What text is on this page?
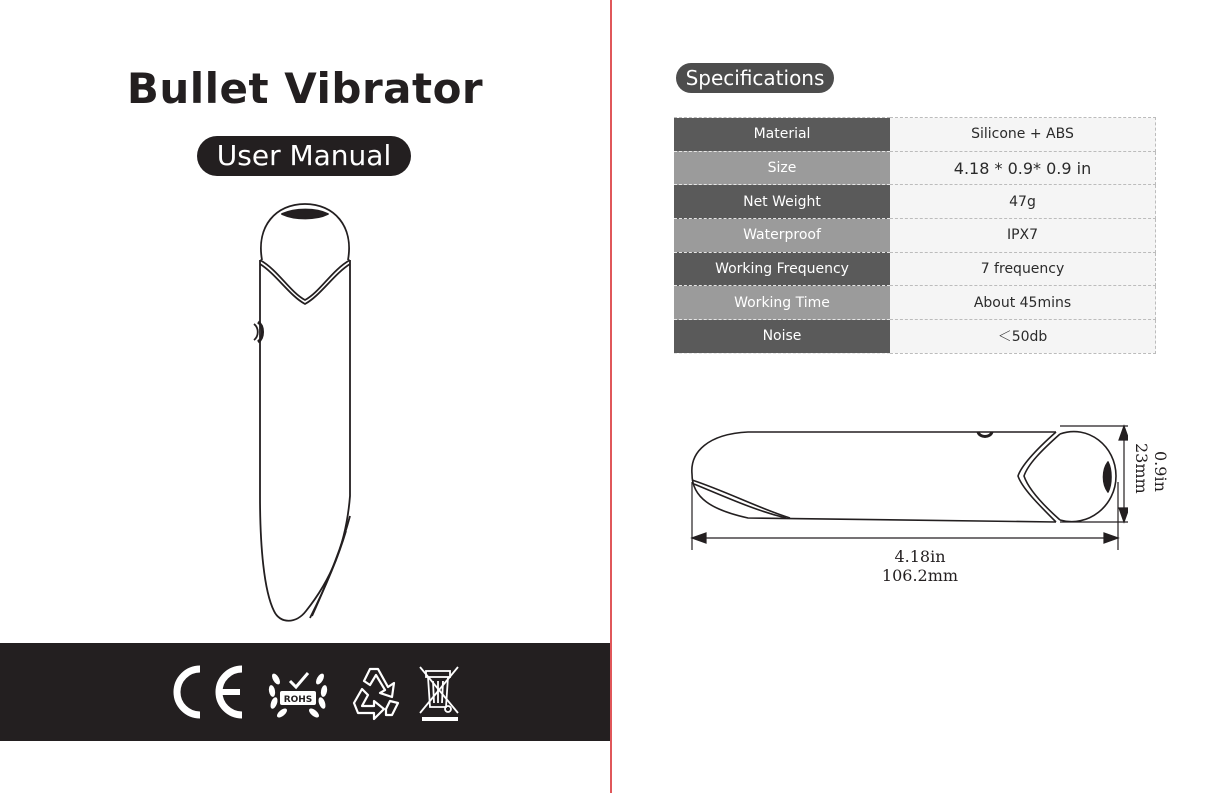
Bullet Vibrator
User Manual
ROHS
Specifications
Material	Silicone + ABS
Size	4.18 * 0.9* 0.9 in
Net Weight	47g
Waterproof	IPX7
Working Frequency	7 frequency
Working Time	About 45mins
Noise	＜50db
4.18in
106.2mm
0.9in
23mm
